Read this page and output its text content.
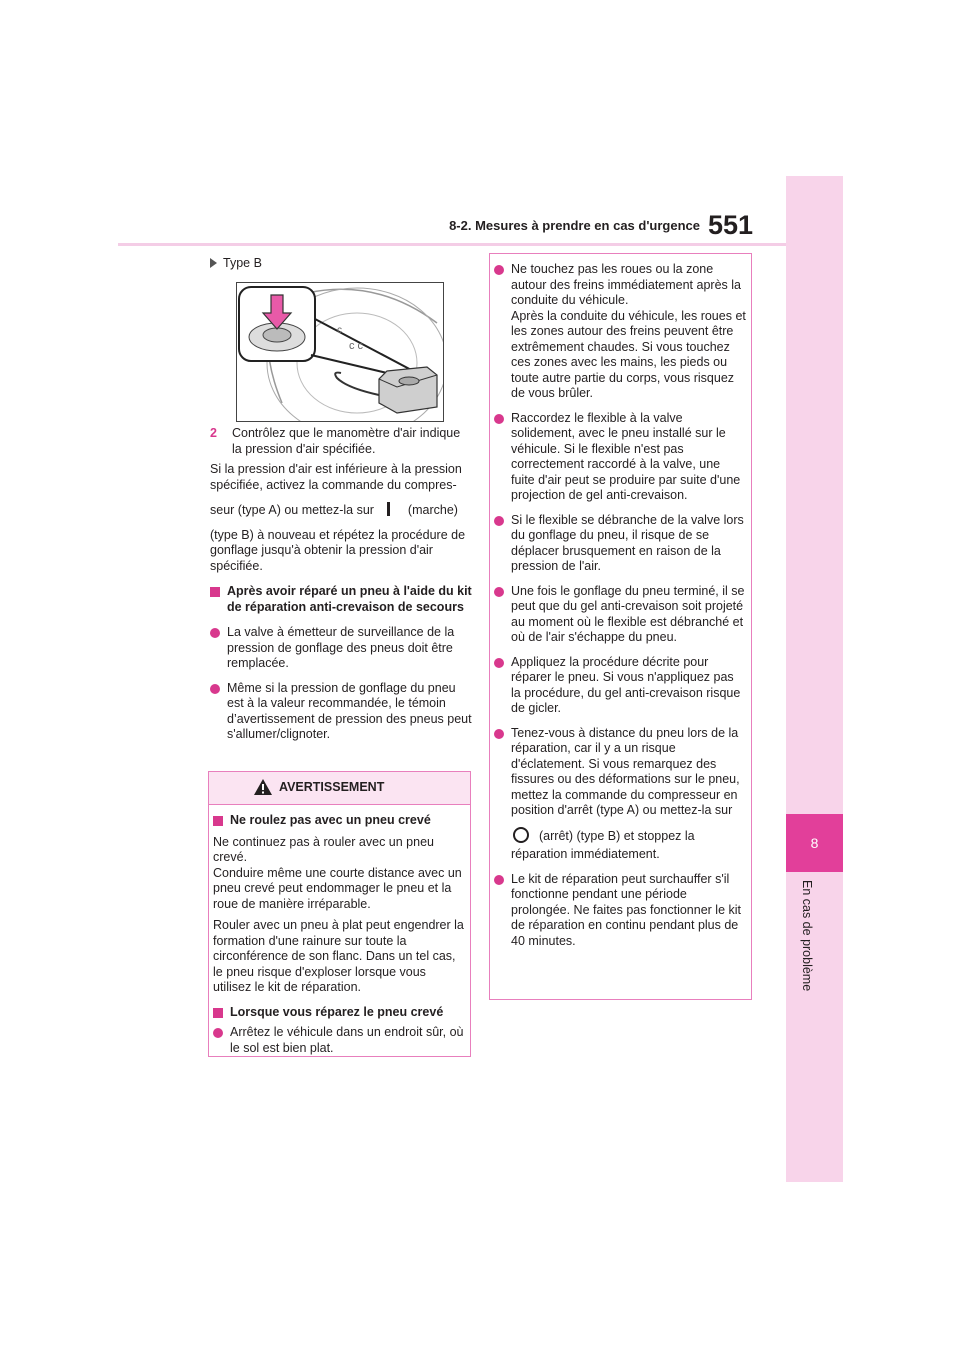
8-2. Mesures à prendre en cas d'urgence 551
8
En cas de problème
Type B
c
c c

2 Contrôlez que le manomètre d'air indique la pression d'air spécifiée.

Si la pression d'air est inférieure à la pression spécifiée, activez la commande du compres-

seur (type A) ou mettez-la sur	(marche)

(type B) à nouveau et répétez la procédure de gonflage jusqu'à obtenir la pression d'air spécifiée.

Après avoir réparé un pneu à l'aide du kit de réparation anti-crevaison de secours

La valve à émetteur de surveillance de la pression de gonflage des pneus doit être remplacée.

Même si la pression de gonflage du pneu est à la valeur recommandée, le témoin d’avertissement de pression des pneus peut s'allumer/clignoter.

AVERTISSEMENT

Ne roulez pas avec un pneu crevé

Ne continuez pas à rouler avec un pneu crevé.

Conduire même une courte distance avec un pneu crevé peut endommager le pneu et la roue de manière irréparable.

Rouler avec un pneu à plat peut engendrer la formation d'une rainure sur toute la circonférence de son flanc. Dans un tel cas, le pneu risque d'exploser lorsque vous utilisez le kit de réparation.

Lorsque vous réparez le pneu crevé

Arrêtez le véhicule dans un endroit sûr, où le sol est bien plat.

Ne touchez pas les roues ou la zone autour des freins immédiatement après la conduite du véhicule.

Après la conduite du véhicule, les roues et les zones autour des freins peuvent être extrêmement chaudes. Si vous touchez ces zones avec les mains, les pieds ou toute autre partie du corps, vous risquez de vous brûler.

Raccordez le flexible à la valve solidement, avec le pneu installé sur le véhicule. Si le flexible n'est pas correctement raccordé à la valve, une fuite d'air peut se produire par suite d'une projection de gel anti-crevaison.

Si le flexible se débranche de la valve lors du gonflage du pneu, il risque de se déplacer brusquement en raison de la pression de l'air.

Une fois le gonflage du pneu terminé, il se peut que du gel anti-crevaison soit projeté au moment où le flexible est débranché et où de l'air s'échappe du pneu.

Appliquez la procédure décrite pour réparer le pneu. Si vous n'appliquez pas la procédure, du gel anti-crevaison risque de gicler.

Tenez-vous à distance du pneu lors de la réparation, car il y a un risque d'éclatement. Si vous remarquez des fissures ou des déformations sur le pneu, mettez la commande du compresseur en position d'arrêt (type A) ou mettez-la sur

(arrêt) (type B) et stoppez la réparation immédiatement.

Le kit de réparation peut surchauffer s'il fonctionne pendant une période prolongée. Ne faites pas fonctionner le kit de réparation en continu pendant plus de 40 minutes.
